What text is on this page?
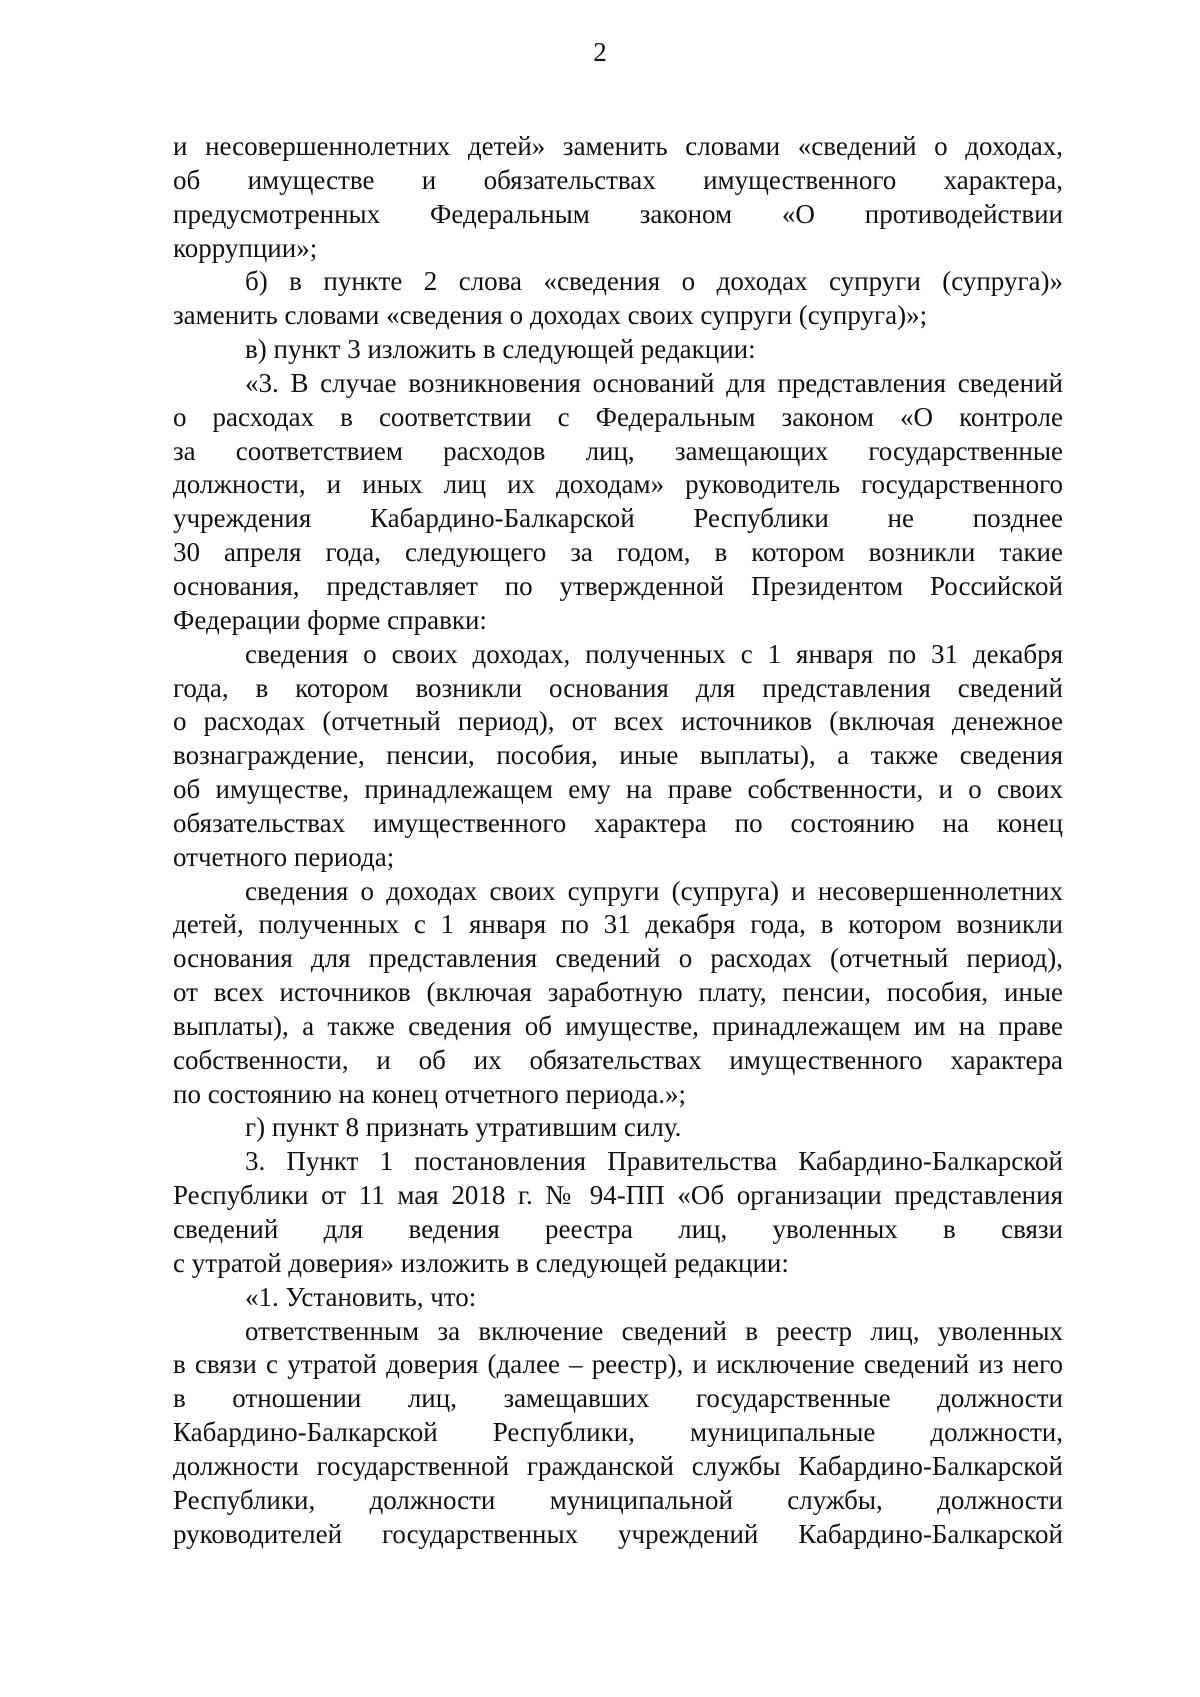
2
и несовершеннолетних детей» заменить словами «сведений о доходах,
об имуществе и обязательствах имущественного характера,
предусмотренных Федеральным законом «О противодействии
коррупции»;
б) в пункте 2 слова «сведения о доходах супруги (супруга)»
заменить словами «сведения о доходах своих супруги (супруга)»;
в) пункт 3 изложить в следующей редакции:
«3. В случае возникновения оснований для представления сведений
о расходах в соответствии с Федеральным законом «О контроле
за соответствием расходов лиц, замещающих государственные
должности, и иных лиц их доходам» руководитель государственного
учреждения Кабардино-Балкарской Республики не позднее
30 апреля года, следующего за годом, в котором возникли такие
основания, представляет по утвержденной Президентом Российской
Федерации форме справки:
сведения о своих доходах, полученных с 1 января по 31 декабря
года, в котором возникли основания для представления сведений
о расходах (отчетный период), от всех источников (включая денежное
вознаграждение, пенсии, пособия, иные выплаты), а также сведения
об имуществе, принадлежащем ему на праве собственности, и о своих
обязательствах имущественного характера по состоянию на конец
отчетного периода;
сведения о доходах своих супруги (супруга) и несовершеннолетних
детей, полученных с 1 января по 31 декабря года, в котором возникли
основания для представления сведений о расходах (отчетный период),
от всех источников (включая заработную плату, пенсии, пособия, иные
выплаты), а также сведения об имуществе, принадлежащем им на праве
собственности, и об их обязательствах имущественного характера
по состоянию на конец отчетного периода.»;
г) пункт 8 признать утратившим силу.
3. Пункт 1 постановления Правительства Кабардино-Балкарской
Республики от 11 мая 2018 г. № 94-ПП «Об организации представления
сведений для ведения реестра лиц, уволенных в связи
с утратой доверия» изложить в следующей редакции:
«1. Установить, что:
ответственным за включение сведений в реестр лиц, уволенных
в связи с утратой доверия (далее – реестр), и исключение сведений из него
в отношении лиц, замещавших государственные должности
Кабардино-Балкарской Республики, муниципальные должности,
должности государственной гражданской службы Кабардино-Балкарской
Республики, должности муниципальной службы, должности
руководителей государственных учреждений Кабардино-Балкарской
